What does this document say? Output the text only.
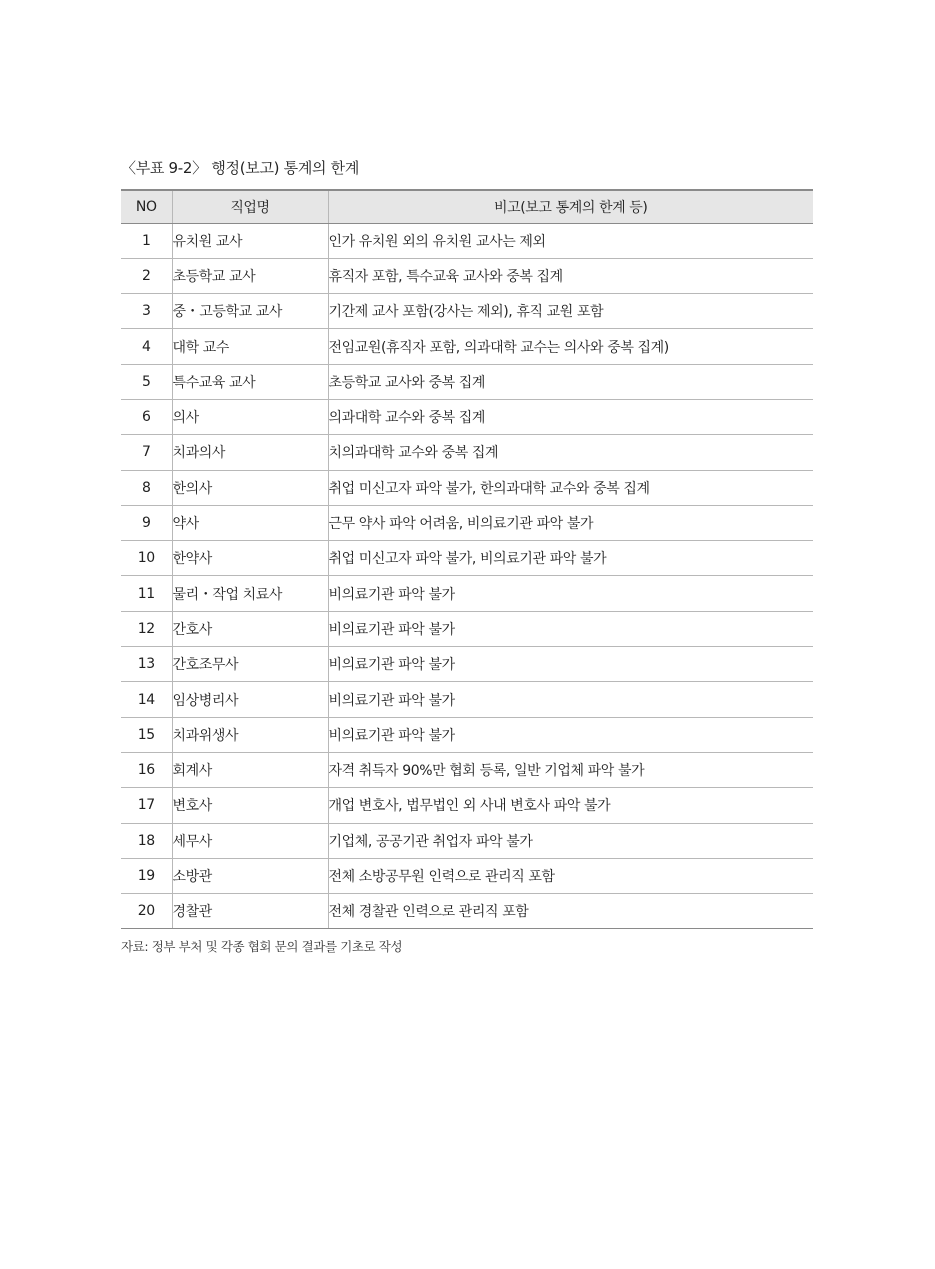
〈부표 9-2〉 행정(보고) 통계의 한계
NO	직업명	비고(보고 통계의 한계 등)
1	유치원 교사	인가 유치원 외의 유치원 교사는 제외
2	초등학교 교사	휴직자 포함, 특수교육 교사와 중복 집계
3	중・고등학교 교사	기간제 교사 포함(강사는 제외), 휴직 교원 포함
4	대학 교수	전임교원(휴직자 포함, 의과대학 교수는 의사와 중복 집계)
5	특수교육 교사	초등학교 교사와 중복 집계
6	의사	의과대학 교수와 중복 집계
7	치과의사	치의과대학 교수와 중복 집계
8	한의사	취업 미신고자 파악 불가, 한의과대학 교수와 중복 집계
9	약사	근무 약사 파악 어려움, 비의료기관 파악 불가
10	한약사	취업 미신고자 파악 불가, 비의료기관 파악 불가
11	물리・작업 치료사	비의료기관 파악 불가
12	간호사	비의료기관 파악 불가
13	간호조무사	비의료기관 파악 불가
14	임상병리사	비의료기관 파악 불가
15	치과위생사	비의료기관 파악 불가
16	회계사	자격 취득자 90%만 협회 등록, 일반 기업체 파악 불가
17	변호사	개업 변호사, 법무법인 외 사내 변호사 파악 불가
18	세무사	기업체, 공공기관 취업자 파악 불가
19	소방관	전체 소방공무원 인력으로 관리직 포함
20	경찰관	전체 경찰관 인력으로 관리직 포함
자료: 정부 부처 및 각종 협회 문의 결과를 기초로 작성
